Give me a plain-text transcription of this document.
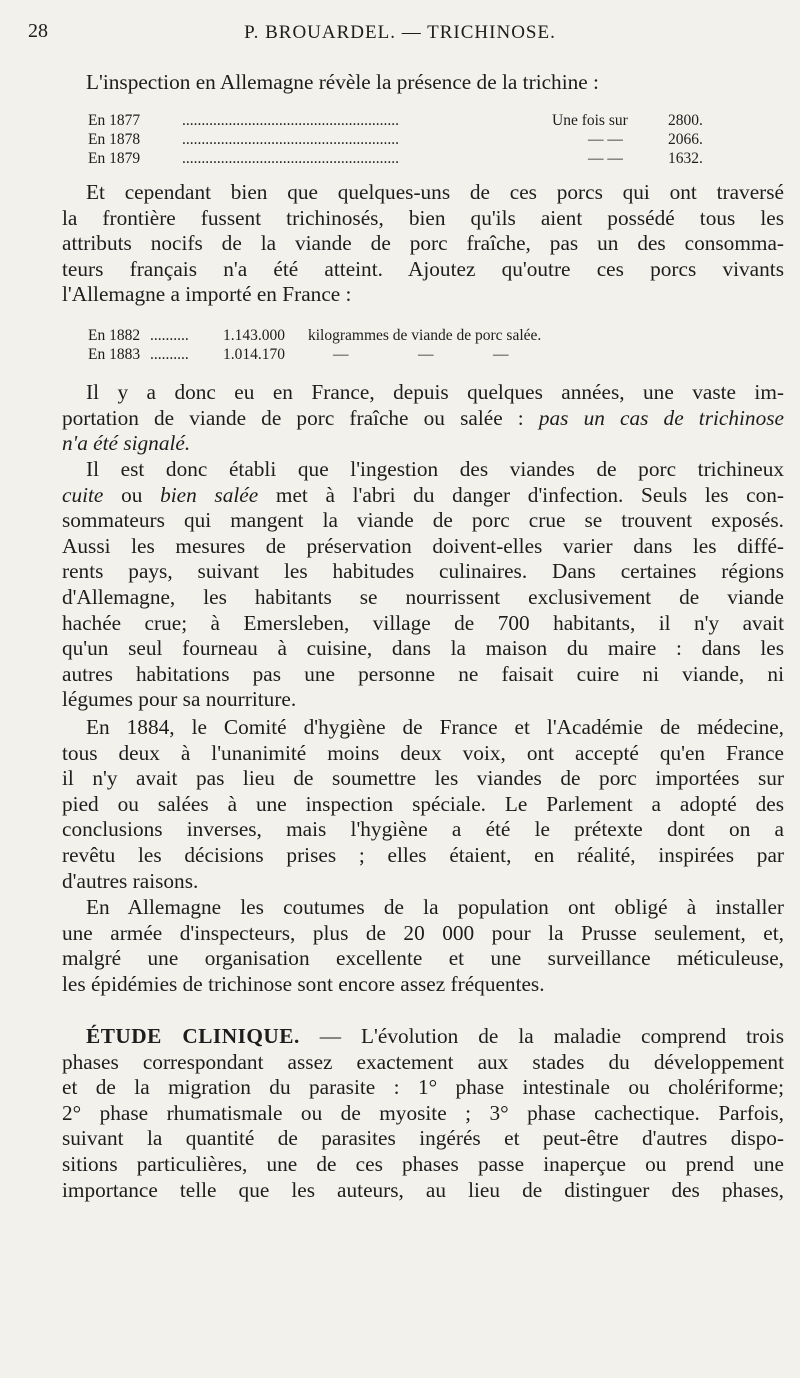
28	P. BROUARDEL. — TRICHINOSE.
L'inspection en Allemagne révèle la présence de la trichine :
En 1877	........................................................	Une fois sur	2800.
En 1878	........................................................	— —	2066.
En 1879	........................................................	— —	1632.
Et cependant bien que quelques-uns de ces porcs qui ont traversé
la frontière fussent trichinosés, bien qu'ils aient possédé tous les
attributs nocifs de la viande de porc fraîche, pas un des consomma-
teurs français n'a été atteint. Ajoutez qu'outre ces porcs vivants
l'Allemagne a importé en France :
En 1882 .......... 1.143.000 kilogrammes de viande de porc salée.
En 1883 .......... 1.014.170	—	—	—
Il y a donc eu en France, depuis quelques années, une vaste im-
portation de viande de porc fraîche ou salée : pas un cas de trichinose
n'a été signalé.
Il est donc établi que l'ingestion des viandes de porc trichineux
cuite ou bien salée met à l'abri du danger d'infection. Seuls les con-
sommateurs qui mangent la viande de porc crue se trouvent exposés.
Aussi les mesures de préservation doivent-elles varier dans les diffé-
rents pays, suivant les habitudes culinaires. Dans certaines régions
d'Allemagne, les habitants se nourrissent exclusivement de viande
hachée crue; à Emersleben, village de 700 habitants, il n'y avait
qu'un seul fourneau à cuisine, dans la maison du maire : dans les
autres habitations pas une personne ne faisait cuire ni viande, ni
légumes pour sa nourriture.
En 1884, le Comité d'hygiène de France et l'Académie de médecine,
tous deux à l'unanimité moins deux voix, ont accepté qu'en France
il n'y avait pas lieu de soumettre les viandes de porc importées sur
pied ou salées à une inspection spéciale. Le Parlement a adopté des
conclusions inverses, mais l'hygiène a été le prétexte dont on a
revêtu les décisions prises ; elles étaient, en réalité, inspirées par
d'autres raisons.
En Allemagne les coutumes de la population ont obligé à installer
une armée d'inspecteurs, plus de 20 000 pour la Prusse seulement, et,
malgré une organisation excellente et une surveillance méticuleuse,
les épidémies de trichinose sont encore assez fréquentes.
ÉTUDE CLINIQUE. — L'évolution de la maladie comprend trois
phases correspondant assez exactement aux stades du développement
et de la migration du parasite : 1° phase intestinale ou cholériforme;
2° phase rhumatismale ou de myosite ; 3° phase cachectique. Parfois,
suivant la quantité de parasites ingérés et peut-être d'autres dispo-
sitions particulières, une de ces phases passe inaperçue ou prend une
importance telle que les auteurs, au lieu de distinguer des phases,
